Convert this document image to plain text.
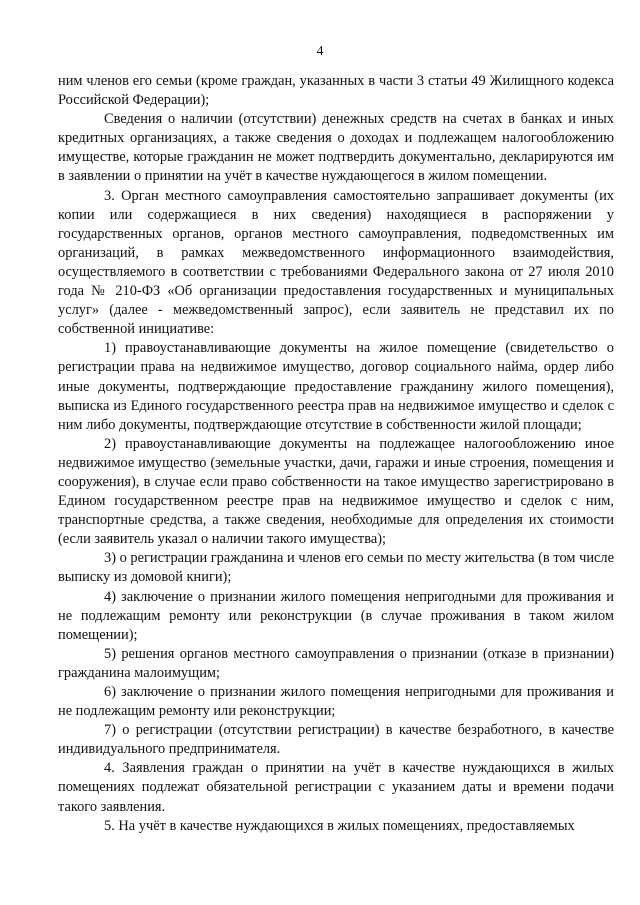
4

ним членов его семьи (кроме граждан, указанных в части 3 статьи 49 Жилищного кодекса Российской Федерации);

Сведения о наличии (отсутствии) денежных средств на счетах в банках и иных кредитных организациях, а также сведения о доходах и подлежащем налогообложению имуществе, которые гражданин не может подтвердить документально, декларируются им в заявлении о принятии на учёт в качестве нуждающегося в жилом помещении.

3. Орган местного самоуправления самостоятельно запрашивает документы (их копии или содержащиеся в них сведения) находящиеся в распоряжении у государственных органов, органов местного самоуправления, подведомственных им организаций, в рамках межведомственного информационного взаимодействия, осуществляемого в соответствии с требованиями Федерального закона от 27 июля 2010 года № 210-ФЗ «Об организации предоставления государственных и муниципальных услуг» (далее - межведомственный запрос), если заявитель не представил их по собственной инициативе:

1) правоустанавливающие документы на жилое помещение (свидетельство о регистрации права на недвижимое имущество, договор социального найма, ордер либо иные документы, подтверждающие предоставление гражданину жилого помещения), выписка из Единого государственного реестра прав на недвижимое имущество и сделок с ним либо документы, подтверждающие отсутствие в собственности жилой площади;

2) правоустанавливающие документы на подлежащее налогообложению иное недвижимое имущество (земельные участки, дачи, гаражи и иные строения, помещения и сооружения), в случае если право собственности на такое имущество зарегистрировано в Едином государственном реестре прав на недвижимое имущество и сделок с ним, транспортные средства, а также сведения, необходимые для определения их стоимости (если заявитель указал о наличии такого имущества);

3) о регистрации гражданина и членов его семьи по месту жительства (в том числе выписку из домовой книги);

4) заключение о признании жилого помещения непригодными для проживания и не подлежащим ремонту или реконструкции (в случае проживания в таком жилом помещении);

5) решения органов местного самоуправления о признании (отказе в признании) гражданина малоимущим;

6) заключение о признании жилого помещения непригодными для проживания и не подлежащим ремонту или реконструкции;

7) о регистрации (отсутствии регистрации) в качестве безработного, в качестве индивидуального предпринимателя.

4. Заявления граждан о принятии на учёт в качестве нуждающихся в жилых помещениях подлежат обязательной регистрации с указанием даты и времени подачи такого заявления.

5. На учёт в качестве нуждающихся в жилых помещениях, предоставляемых
